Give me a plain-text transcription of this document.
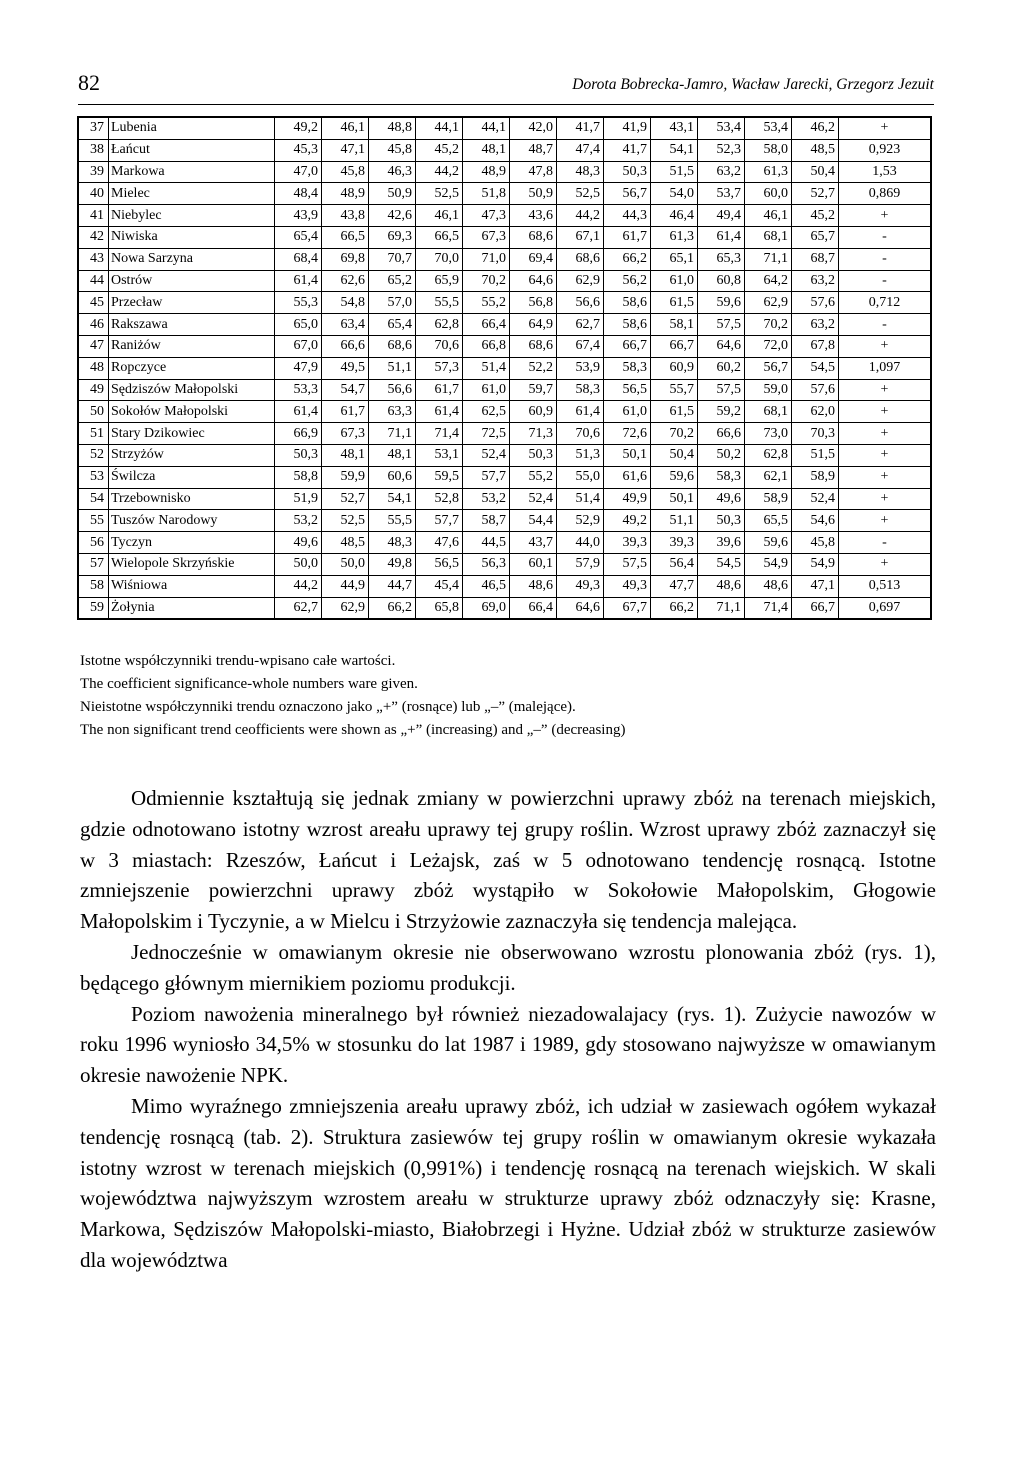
82	Dorota Bobrecka-Jamro, Wacław Jarecki, Grzegorz Jezuit
37	Lubenia	49,2	46,1	48,8	44,1	44,1	42,0	41,7	41,9	43,1	53,4	53,4	46,2	+
38	Łańcut	45,3	47,1	45,8	45,2	48,1	48,7	47,4	41,7	54,1	52,3	58,0	48,5	0,923
39	Markowa	47,0	45,8	46,3	44,2	48,9	47,8	48,3	50,3	51,5	63,2	61,3	50,4	1,53
40	Mielec	48,4	48,9	50,9	52,5	51,8	50,9	52,5	56,7	54,0	53,7	60,0	52,7	0,869
41	Niebylec	43,9	43,8	42,6	46,1	47,3	43,6	44,2	44,3	46,4	49,4	46,1	45,2	+
42	Niwiska	65,4	66,5	69,3	66,5	67,3	68,6	67,1	61,7	61,3	61,4	68,1	65,7	-
43	Nowa Sarzyna	68,4	69,8	70,7	70,0	71,0	69,4	68,6	66,2	65,1	65,3	71,1	68,7	-
44	Ostrów	61,4	62,6	65,2	65,9	70,2	64,6	62,9	56,2	61,0	60,8	64,2	63,2	-
45	Przecław	55,3	54,8	57,0	55,5	55,2	56,8	56,6	58,6	61,5	59,6	62,9	57,6	0,712
46	Rakszawa	65,0	63,4	65,4	62,8	66,4	64,9	62,7	58,6	58,1	57,5	70,2	63,2	-
47	Raniżów	67,0	66,6	68,6	70,6	66,8	68,6	67,4	66,7	66,7	64,6	72,0	67,8	+
48	Ropczyce	47,9	49,5	51,1	57,3	51,4	52,2	53,9	58,3	60,9	60,2	56,7	54,5	1,097
49	Sędziszów Małopolski	53,3	54,7	56,6	61,7	61,0	59,7	58,3	56,5	55,7	57,5	59,0	57,6	+
50	Sokołów Małopolski	61,4	61,7	63,3	61,4	62,5	60,9	61,4	61,0	61,5	59,2	68,1	62,0	+
51	Stary Dzikowiec	66,9	67,3	71,1	71,4	72,5	71,3	70,6	72,6	70,2	66,6	73,0	70,3	+
52	Strzyżów	50,3	48,1	48,1	53,1	52,4	50,3	51,3	50,1	50,4	50,2	62,8	51,5	+
53	Świlcza	58,8	59,9	60,6	59,5	57,7	55,2	55,0	61,6	59,6	58,3	62,1	58,9	+
54	Trzebownisko	51,9	52,7	54,1	52,8	53,2	52,4	51,4	49,9	50,1	49,6	58,9	52,4	+
55	Tuszów Narodowy	53,2	52,5	55,5	57,7	58,7	54,4	52,9	49,2	51,1	50,3	65,5	54,6	+
56	Tyczyn	49,6	48,5	48,3	47,6	44,5	43,7	44,0	39,3	39,3	39,6	59,6	45,8	-
57	Wielopole Skrzyńskie	50,0	50,0	49,8	56,5	56,3	60,1	57,9	57,5	56,4	54,5	54,9	54,9	+
58	Wiśniowa	44,2	44,9	44,7	45,4	46,5	48,6	49,3	49,3	47,7	48,6	48,6	47,1	0,513
59	Żołynia	62,7	62,9	66,2	65,8	69,0	66,4	64,6	67,7	66,2	71,1	71,4	66,7	0,697

Istotne współczynniki trendu-wpisano całe wartości.

The coefficient significance-whole numbers ware given.

Nieistotne współczynniki trendu oznaczono jako „+” (rosnące) lub „–” (malejące).

The non significant trend ceofficients were shown as „+” (increasing) and „–” (decreasing)

Odmiennie kształtują się jednak zmiany w powierzchni uprawy zbóż na terenach miejskich, gdzie odnotowano istotny wzrost areału uprawy tej grupy roślin. Wzrost uprawy zbóż zaznaczył się w 3 miastach: Rzeszów, Łańcut i Leżajsk, zaś w 5 odnotowano tendencję rosnącą. Istotne zmniejszenie powierzchni uprawy zbóż wystąpiło w Sokołowie Małopolskim, Głogowie Małopolskim i Tyczynie, a w Mielcu i Strzyżowie zaznaczyła się tendencja malejąca.

Jednocześnie w omawianym okresie nie obserwowano wzrostu plonowania zbóż (rys. 1), będącego głównym miernikiem poziomu produkcji.

Poziom nawożenia mineralnego był również niezadowalajacy (rys. 1). Zużycie nawozów w roku 1996 wyniosło 34,5% w stosunku do lat 1987 i 1989, gdy stosowano najwyższe w omawianym okresie nawożenie NPK.

Mimo wyraźnego zmniejszenia areału uprawy zbóż, ich udział w zasiewach ogółem wykazał tendencję rosnącą (tab. 2). Struktura zasiewów tej grupy roślin w omawianym okresie wykazała istotny wzrost w terenach miejskich (0,991%) i tendencję rosnącą na terenach wiejskich. W skali województwa najwyższym wzrostem areału w strukturze uprawy zbóż odznaczyły się: Krasne, Markowa, Sędziszów Małopolski-miasto, Białobrzegi i Hyżne. Udział zbóż w strukturze zasiewów dla województwa
